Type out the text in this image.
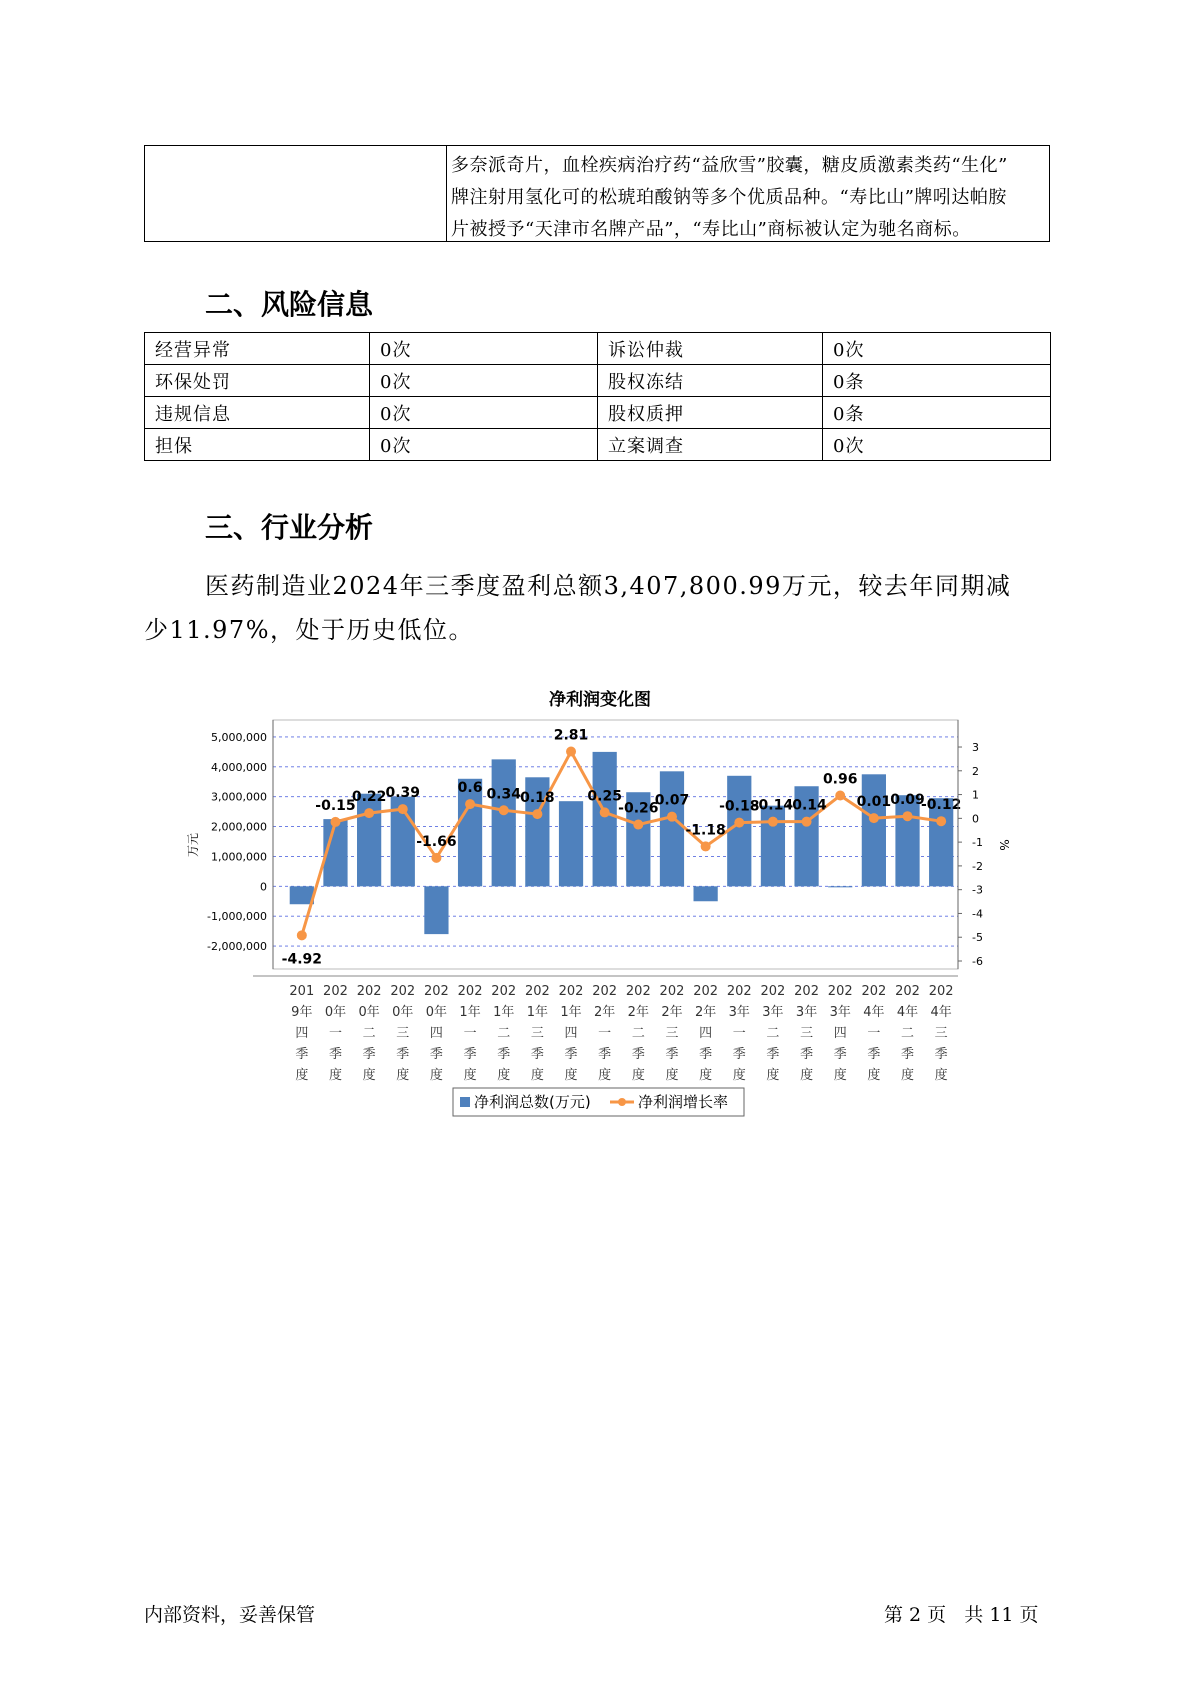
多奈派奇片，血栓疾病治疗药“益欣雪”胶囊，糖皮质激素类药“生化”
牌注射用氢化可的松琥珀酸钠等多个优质品种。“寿比山”牌吲达帕胺
片被授予“天津市名牌产品”，“寿比山”商标被认定为驰名商标。
二、风险信息
经营异常	0次	诉讼仲裁	0次
环保处罚	0次	股权冻结	0条
违规信息	0次	股权质押	0条
担保	0次	立案调查	0次
三、行业分析
医药制造业2024年三季度盈利总额3,407,800.99万元，较去年同期减
少11.97%，处于历史低位。
净利润变化图
-4.92
-0.15
0.22 0.39
-1.66
0.6 0.34 0.18
2.81
0.25
-0.26
0.07
-1.18
-0.18
-0.14
-0.14
0.96
0.01 0.09
-0.12
-2,000,000
-1,000,000
0
1,000,000
2,000,000
3,000,000
4,000,000
5,000,000
-6
-5
-4
-3
-2
-1
0
1
2
3
201
9年
四
季
度
202
0年
一
季
度
202
0年
二
季
度
202
0年
三
季
度
202
0年
四
季
度
202
1年
一
季
度
202
1年
二
季
度
202
1年
三
季
度
202
1年
四
季
度
202
2年
一
季
度
202
2年
二
季
度
202
2年
三
季
度
202
2年
四
季
度
202
3年
一
季
度
202
3年
二
季
度
202
3年
三
季
度
202
3年
四
季
度
202
4年
一
季
度
202
4年
二
季
度
202
4年
三
季
度
万元	%
净利润总数(万元)	净利润增长率
内部资料，妥善保管	第 2 页   共 11 页
